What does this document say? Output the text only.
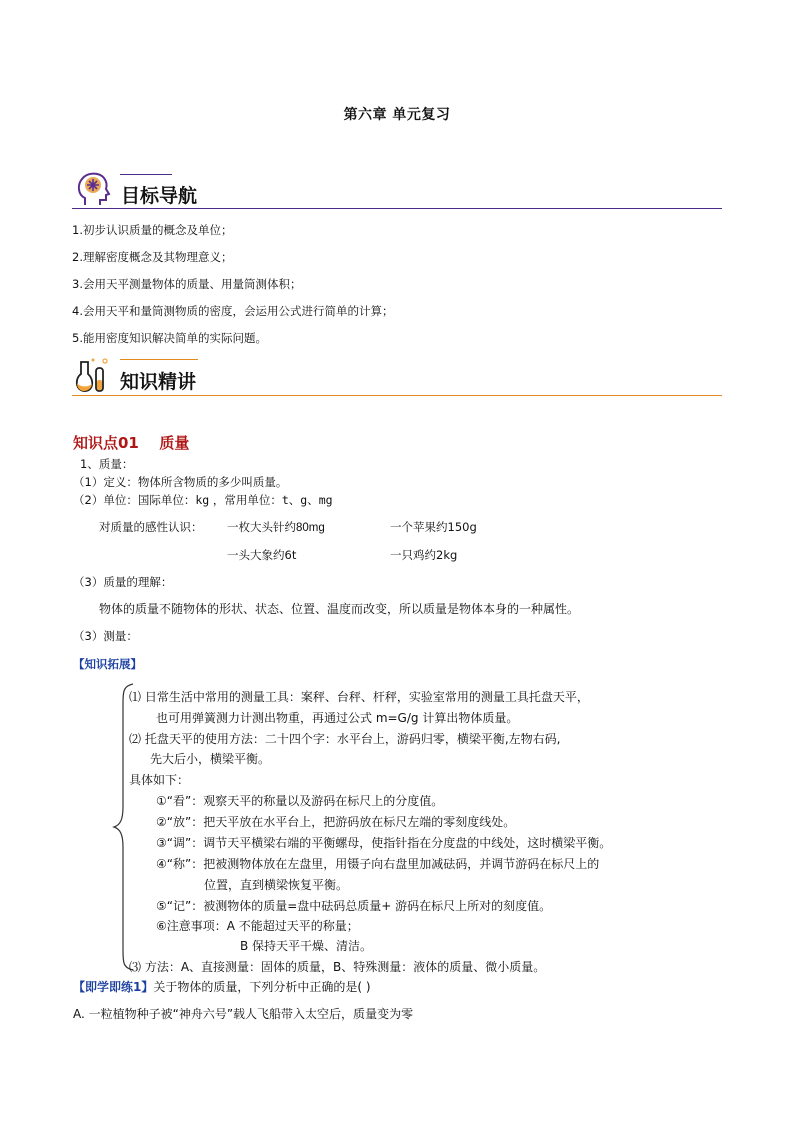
第六章 单元复习
目标导航
1.初步认识质量的概念及单位；
2.理解密度概念及其物理意义；
3.会用天平测量物体的质量、用量筒测体积；
4.会用天平和量筒测物质的密度，会运用公式进行简单的计算；
5.能用密度知识解决简单的实际问题。
知识精讲
知识点01 质量
1、质量：
（1）定义：物体所含物质的多少叫质量。
（2）单位：国际单位：kg ，常用单位：t、g、mg
对质量的感性认识： 一枚大头针约80mg	一个苹果约150g
一头大象约6t	一只鸡约2kg
（3）质量的理解：
物体的质量不随物体的形状、状态、位置、温度而改变，所以质量是物体本身的一种属性。
（3）测量：
【知识拓展】
⑴ 日常生活中常用的测量工具：案秤、台秤、杆秤，实验室常用的测量工具托盘天平，
也可用弹簧测力计测出物重，再通过公式 m=G/g 计算出物体质量。
⑵ 托盘天平的使用方法：二十四个字：水平台上，游码归零，横梁平衡,左物右码,
先大后小，横梁平衡。
具体如下：
①“看”：观察天平的称量以及游码在标尺上的分度值。
②“放”：把天平放在水平台上，把游码放在标尺左端的零刻度线处。
③“调”：调节天平横梁右端的平衡螺母，使指针指在分度盘的中线处，这时横梁平衡。
④“称”：把被测物体放在左盘里，用镊子向右盘里加减砝码，并调节游码在标尺上的
位置，直到横梁恢复平衡。
⑤“记”：被测物体的质量=盘中砝码总质量+ 游码在标尺上所对的刻度值。
⑥注意事项：A 不能超过天平的称量；
B 保持天平干燥、清洁。
⑶ 方法：A、直接测量：固体的质量，B、特殊测量：液体的质量、微小质量。
【即学即练1】关于物体的质量，下列分析中正确的是( )
A. 一粒植物种子被“神舟六号”载人飞船带入太空后，质量变为零
